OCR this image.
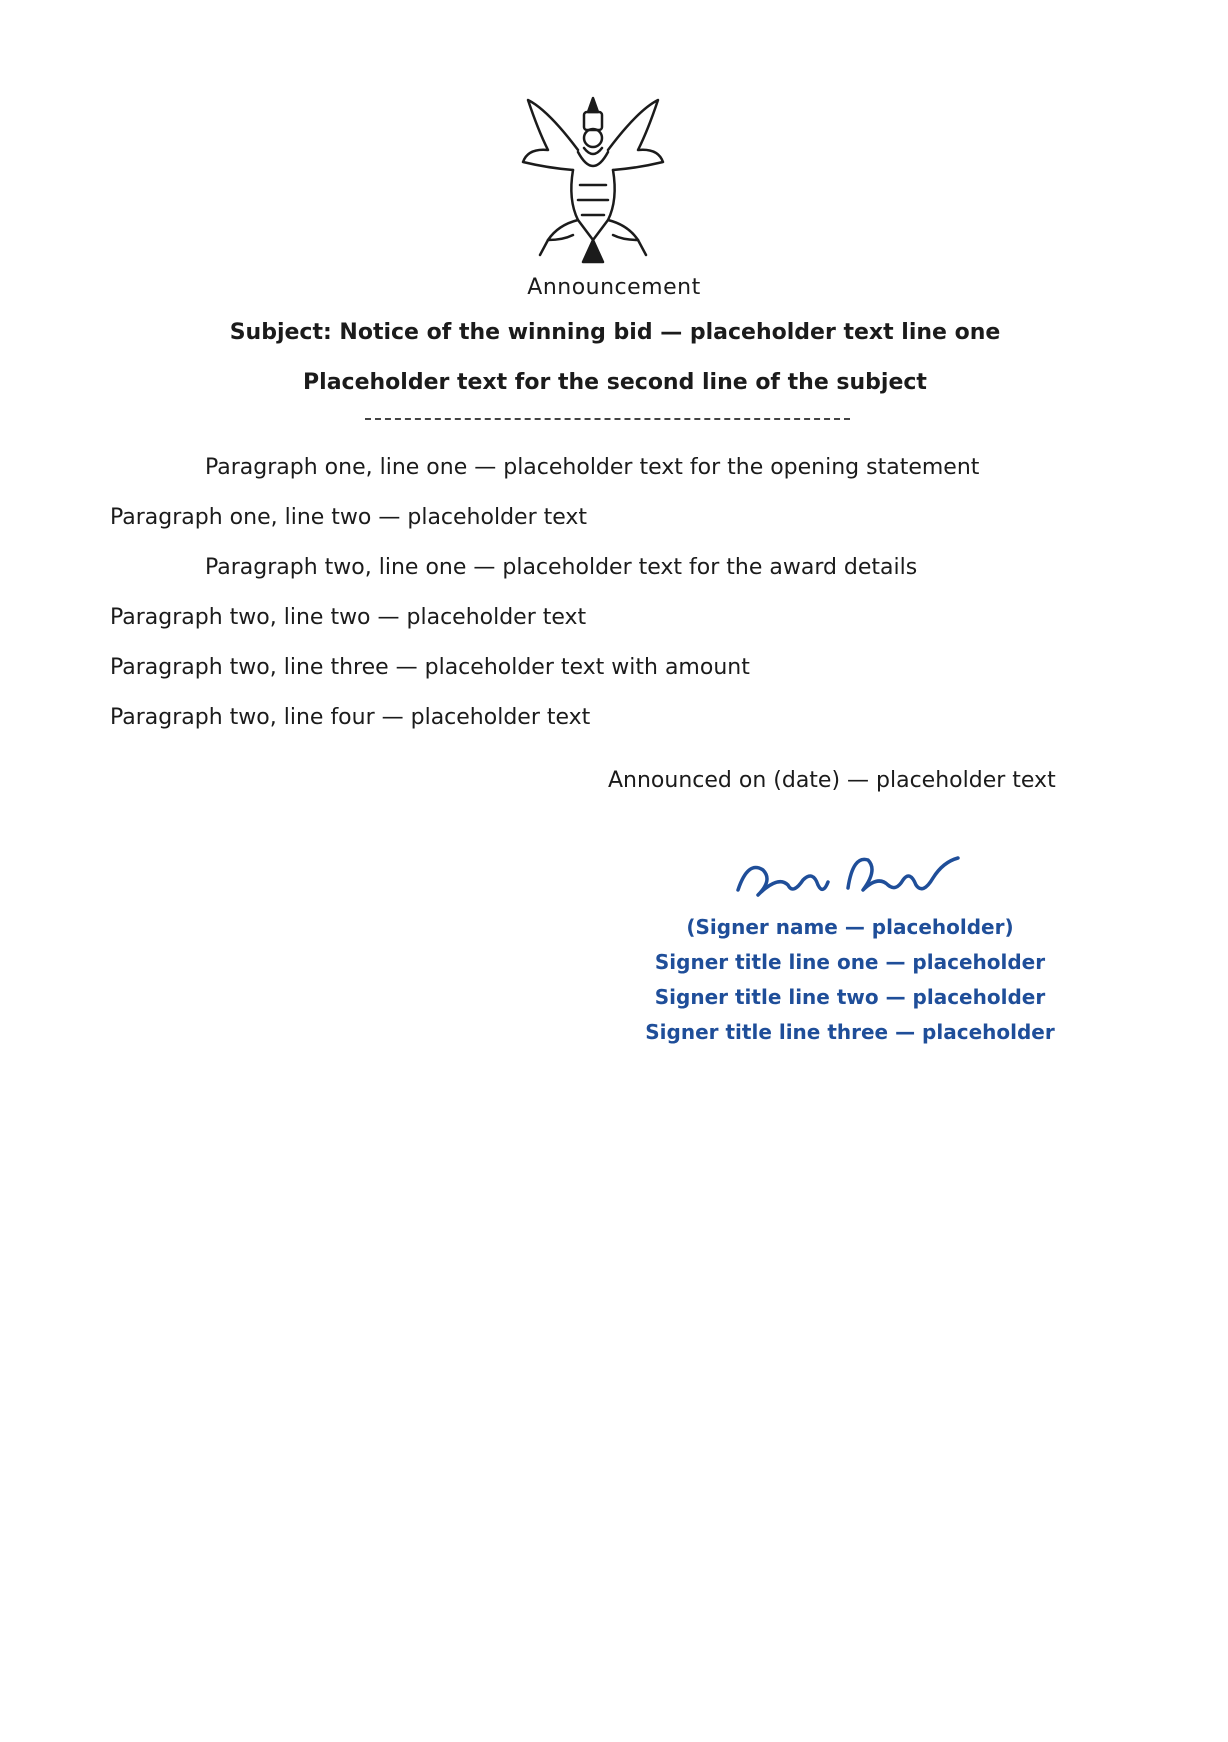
Announcement
Subject: Notice of the winning bid — placeholder text line one
Placeholder text for the second line of the subject
Paragraph one, line one — placeholder text for the opening statement
Paragraph one, line two — placeholder text
Paragraph two, line one — placeholder text for the award details
Paragraph two, line two — placeholder text
Paragraph two, line three — placeholder text with amount
Paragraph two, line four — placeholder text
Announced on (date) — placeholder text
(Signer name — placeholder)
Signer title line one — placeholder
Signer title line two — placeholder
Signer title line three — placeholder
